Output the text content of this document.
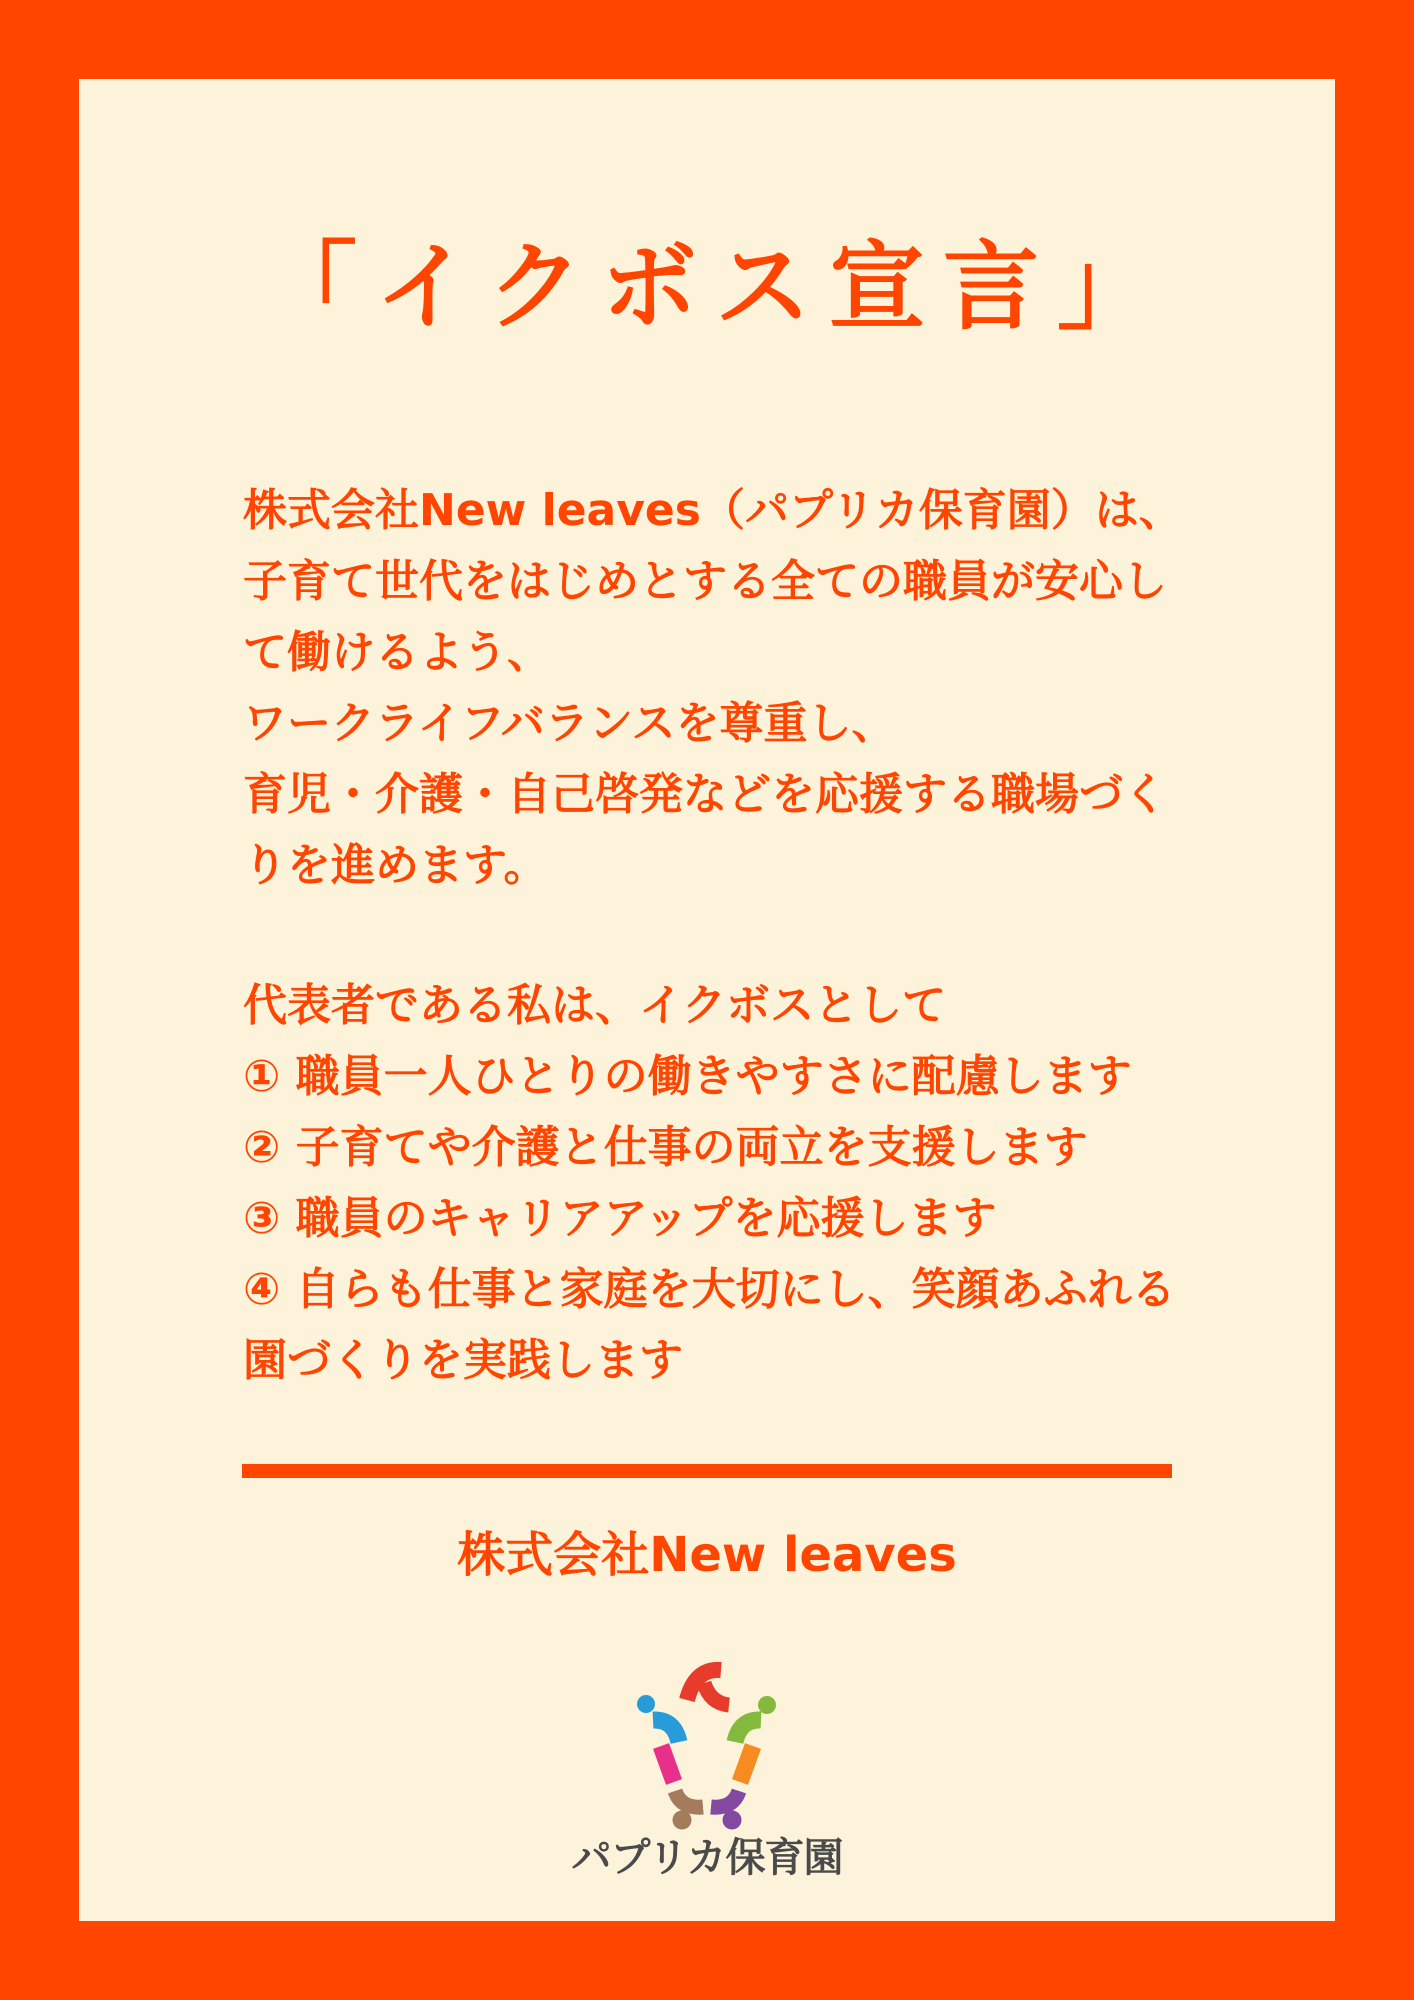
「イクボス宣言」
株式会社New leaves（パプリカ保育園）は、
子育て世代をはじめとする全ての職員が安心し
て働けるよう、
ワークライフバランスを尊重し、
育児・介護・自己啓発などを応援する職場づく
りを進めます。
代表者である私は、イクボスとして
① 職員一人ひとりの働きやすさに配慮します
② 子育てや介護と仕事の両立を支援します
③ 職員のキャリアアップを応援します
④ 自らも仕事と家庭を大切にし、笑顔あふれる
園づくりを実践します
株式会社New leaves
パプリカ保育園
